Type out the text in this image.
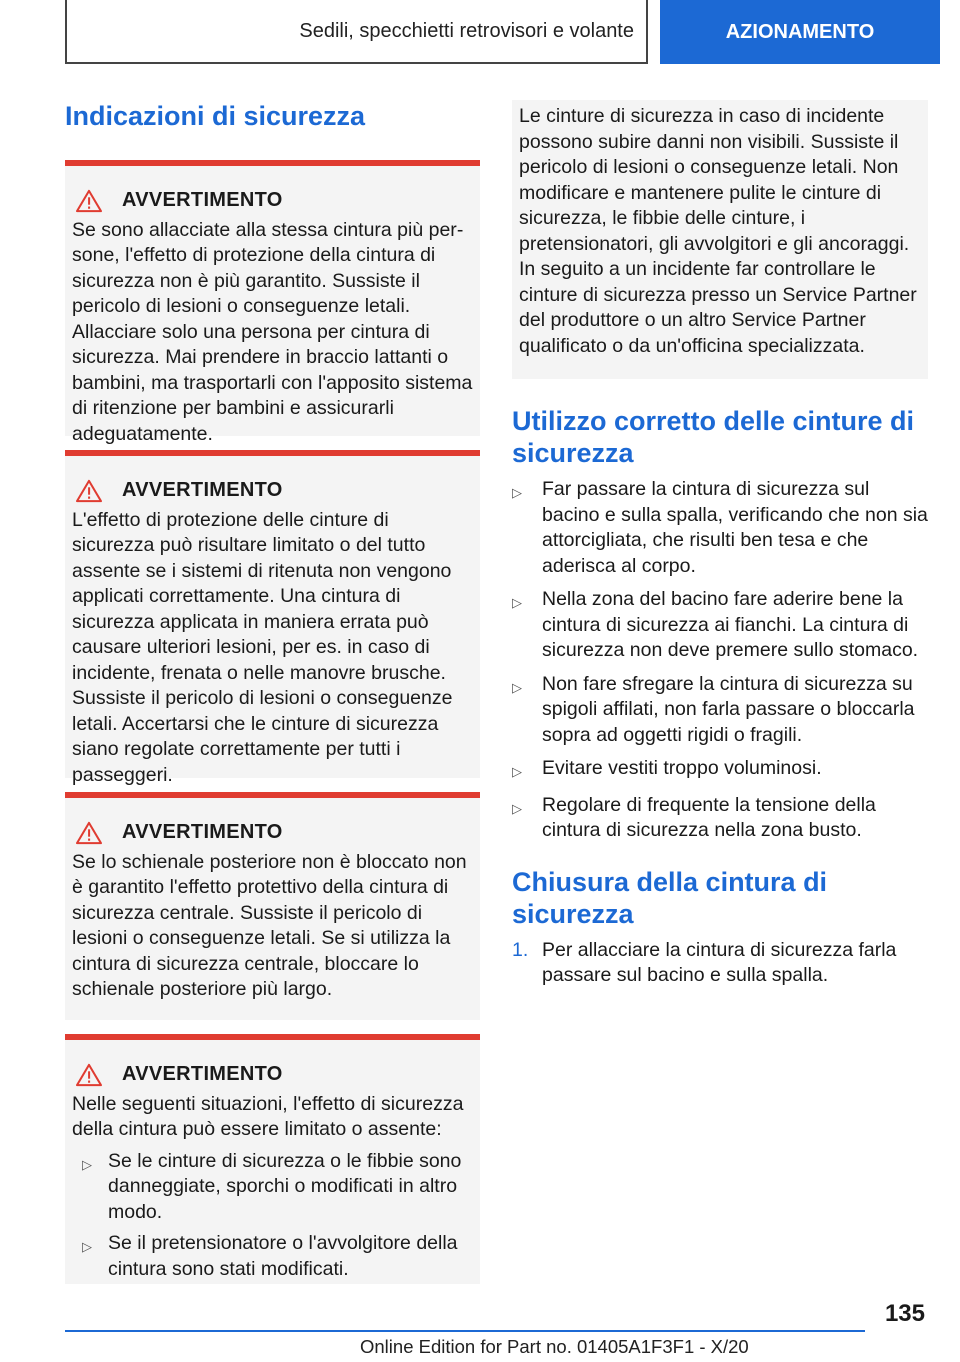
Sedili, specchietti retrovisori e volante	AZIONAMENTO
Indicazioni di sicurezza
AVVERTIMENTO

Se sono allacciate alla stessa cintura più persone, l'effetto di protezione della cintura di sicurezza non è più garantito. Sussiste il pericolo di lesioni o conseguenze letali. Allacciare solo una persona per cintura di sicurezza. Mai prendere in braccio lattanti o bambini, ma trasportarli con l'apposito sistema di ritenzione per bambini e assicurarli adeguatamente.

AVVERTIMENTO

L'effetto di protezione delle cinture di sicurezza può risultare limitato o del tutto assente se i sistemi di ritenuta non vengono applicati correttamente. Una cintura di sicurezza applicata in maniera errata può causare ulteriori lesioni, per es. in caso di incidente, frenata o nelle manovre brusche. Sussiste il pericolo di lesioni o conseguenze letali. Accertarsi che le cinture di sicurezza siano regolate correttamente per tutti i passeggeri.

AVVERTIMENTO

Se lo schienale posteriore non è bloccato non è garantito l'effetto protettivo della cintura di sicurezza centrale. Sussiste il pericolo di lesioni o conseguenze letali. Se si utilizza la cintura di sicurezza centrale, bloccare lo schienale posteriore più largo.

AVVERTIMENTO

Nelle seguenti situazioni, l'effetto di sicurezza della cintura può essere limitato o assente:

▷ Se le cinture di sicurezza o le fibbie sono danneggiate, sporchi o modificati in altro modo.
▷ Se il pretensionatore o l'avvolgitore della cintura sono stati modificati.

Le cinture di sicurezza in caso di incidente possono subire danni non visibili. Sussiste il pericolo di lesioni o conseguenze letali. Non modificare e mantenere pulite le cinture di sicurezza, le fibbie delle cinture, i pretensionatori, gli avvolgitori e gli ancoraggi. In seguito a un incidente far controllare le cinture di sicurezza presso un Service Partner del produttore o un altro Service Partner qualificato o da un'officina specializzata.

Utilizzo corretto delle cinture di sicurezza
▷	Far passare la cintura di sicurezza sul bacino e sulla spalla, verificando che non sia attorcigliata, che risulti ben tesa e che aderisca al corpo.
▷	Nella zona del bacino fare aderire bene la cintura di sicurezza ai fianchi. La cintura di sicurezza non deve premere sullo stomaco.
▷	Non fare sfregare la cintura di sicurezza su spigoli affilati, non farla passare o bloccarla sopra ad oggetti rigidi o fragili.
▷	Evitare vestiti troppo voluminosi.
▷	Regolare di frequente la tensione della cintura di sicurezza nella zona busto.
Chiusura della cintura di sicurezza
1. Per allacciare la cintura di sicurezza farla passare sul bacino e sulla spalla.
135
Online Edition for Part no. 01405A1F3F1 - X/20
